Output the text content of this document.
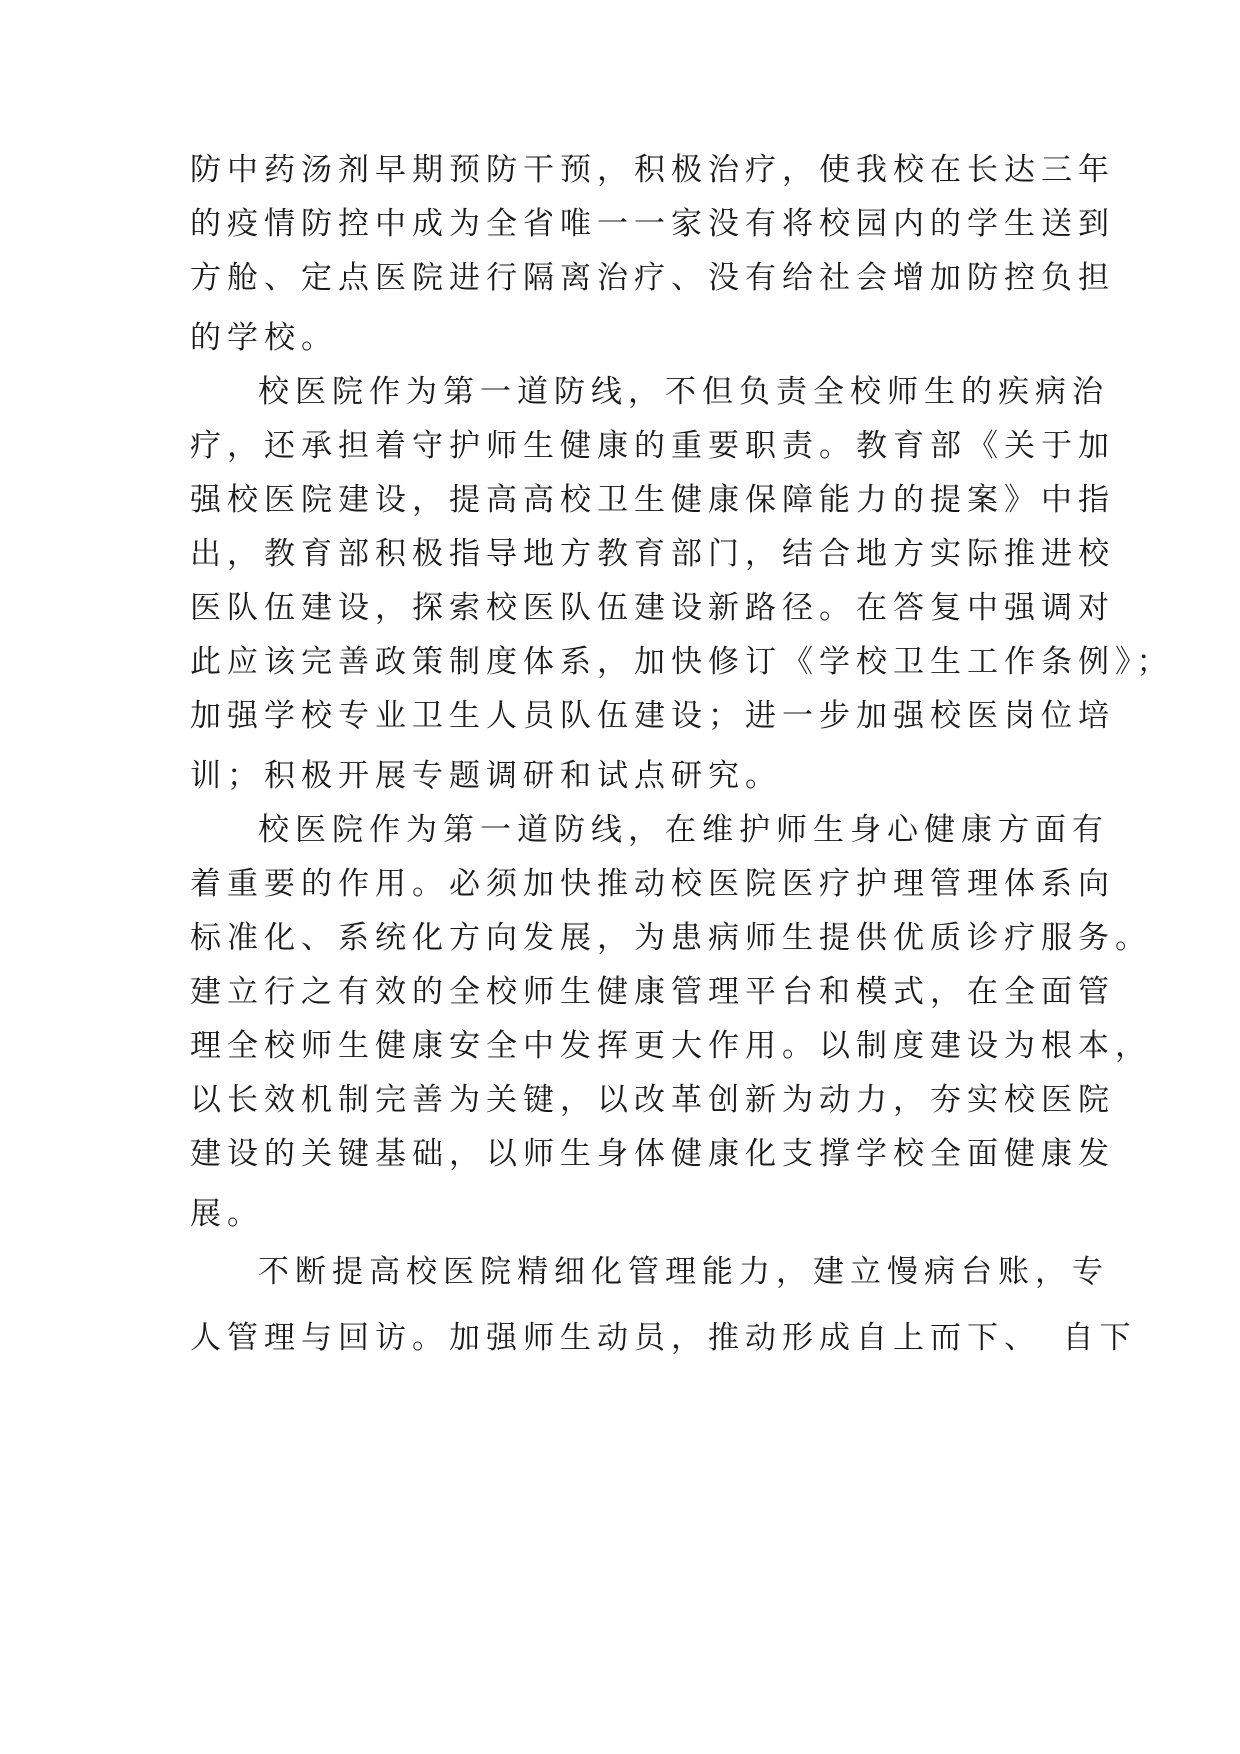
防中药汤剂早期预防干预，积极治疗，使我校在长达三年
的疫情防控中成为全省唯一一家没有将校园内的学生送到
方舱、定点医院进行隔离治疗、没有给社会增加防控负担
的学校。
校医院作为第一道防线，不但负责全校师生的疾病治
疗，还承担着守护师生健康的重要职责。教育部《关于加
强校医院建设，提高高校卫生健康保障能力的提案》中指
出，教育部积极指导地方教育部门，结合地方实际推进校
医队伍建设，探索校医队伍建设新路径。在答复中强调对
此应该完善政策制度体系，加快修订《学校卫生工作条例》；
加强学校专业卫生人员队伍建设；进一步加强校医岗位培
训；积极开展专题调研和试点研究。
校医院作为第一道防线，在维护师生身心健康方面有
着重要的作用。必须加快推动校医院医疗护理管理体系向
标准化、系统化方向发展，为患病师生提供优质诊疗服务。
建立行之有效的全校师生健康管理平台和模式，在全面管
理全校师生健康安全中发挥更大作用。以制度建设为根本，
以长效机制完善为关键，以改革创新为动力，夯实校医院
建设的关键基础，以师生身体健康化支撑学校全面健康发
展。
不断提高校医院精细化管理能力，建立慢病台账，专
人管理与回访。加强师生动员，推动形成自上而下、　自下
